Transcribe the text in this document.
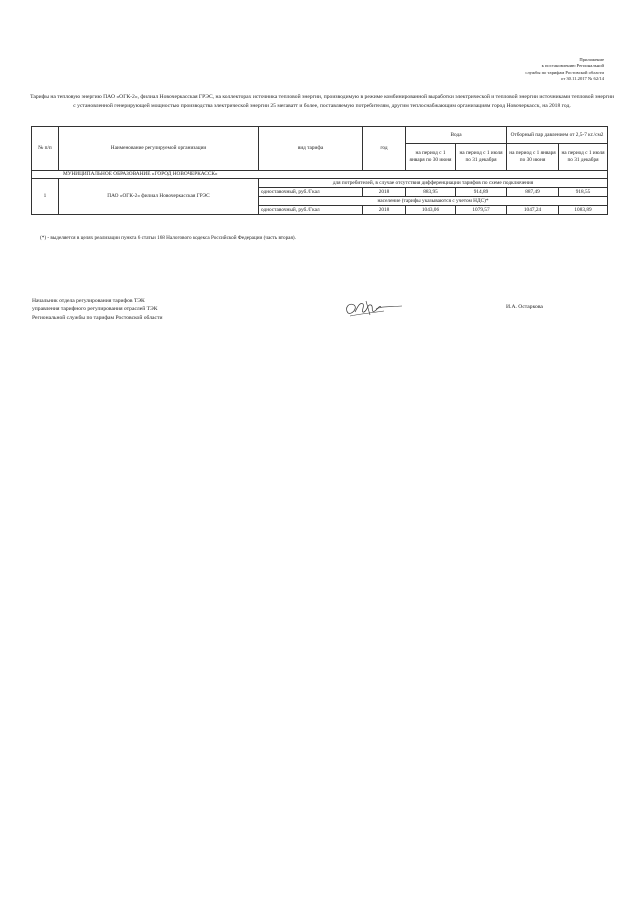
Приложение
к постановлению Региональной
службы по тарифам Ростовской области
от 30.11.2017 № 62/14
Тарифы на тепловую энергию ПАО «ОГК-2», филиал Новочеркасская ГРЭС, на коллекторах источника тепловой энергии, производимую в режиме комбинированной выработки электрической и тепловой энергии источниками тепловой энергии с установленной генерирующей мощностью производства электрической энергии 25 мегаватт и более, поставляемую потребителям, другим теплоснабжающим организациям город Новочеркасск, на 2018 год.
№ п/п	Наименование регулируемой организации	вид тарифа	год	Вода		Отборный пар давлением от 2,5-7 кг./см2	
				на период с 1 января по 30 июня	на период с 1 июля по 31 декабря	на период с 1 января по 30 июня	на период с 1 июля по 31 декабря
МУНИЦИПАЛЬНОЕ ОБРАЗОВАНИЕ «ГОРОД НОВОЧЕРКАССК»							
1	ПАО «ОГК-2» филиал Новочеркасская ГРЭС	для потребителей, в случае отсутствия дифференциации тарифов по схеме подключения					
		одноставочный, руб./Гкал	2018	883,95	914,89	887,49	918,55
		население (тарифы указываются с учетом НДС)*					
		одноставочный, руб./Гкал	2018	1043,06	1079,57	1047,24	1083,89
(*) - выделяется в целях реализации пункта 6 статьи 168 Налогового кодекса Российской Федерации (часть вторая).
Начальник отдела регулирования тарифов ТЭК
управления тарифного регулирования отраслей ТЭК
Региональной службы по тарифам Ростовской области
И.А. Остаркова
